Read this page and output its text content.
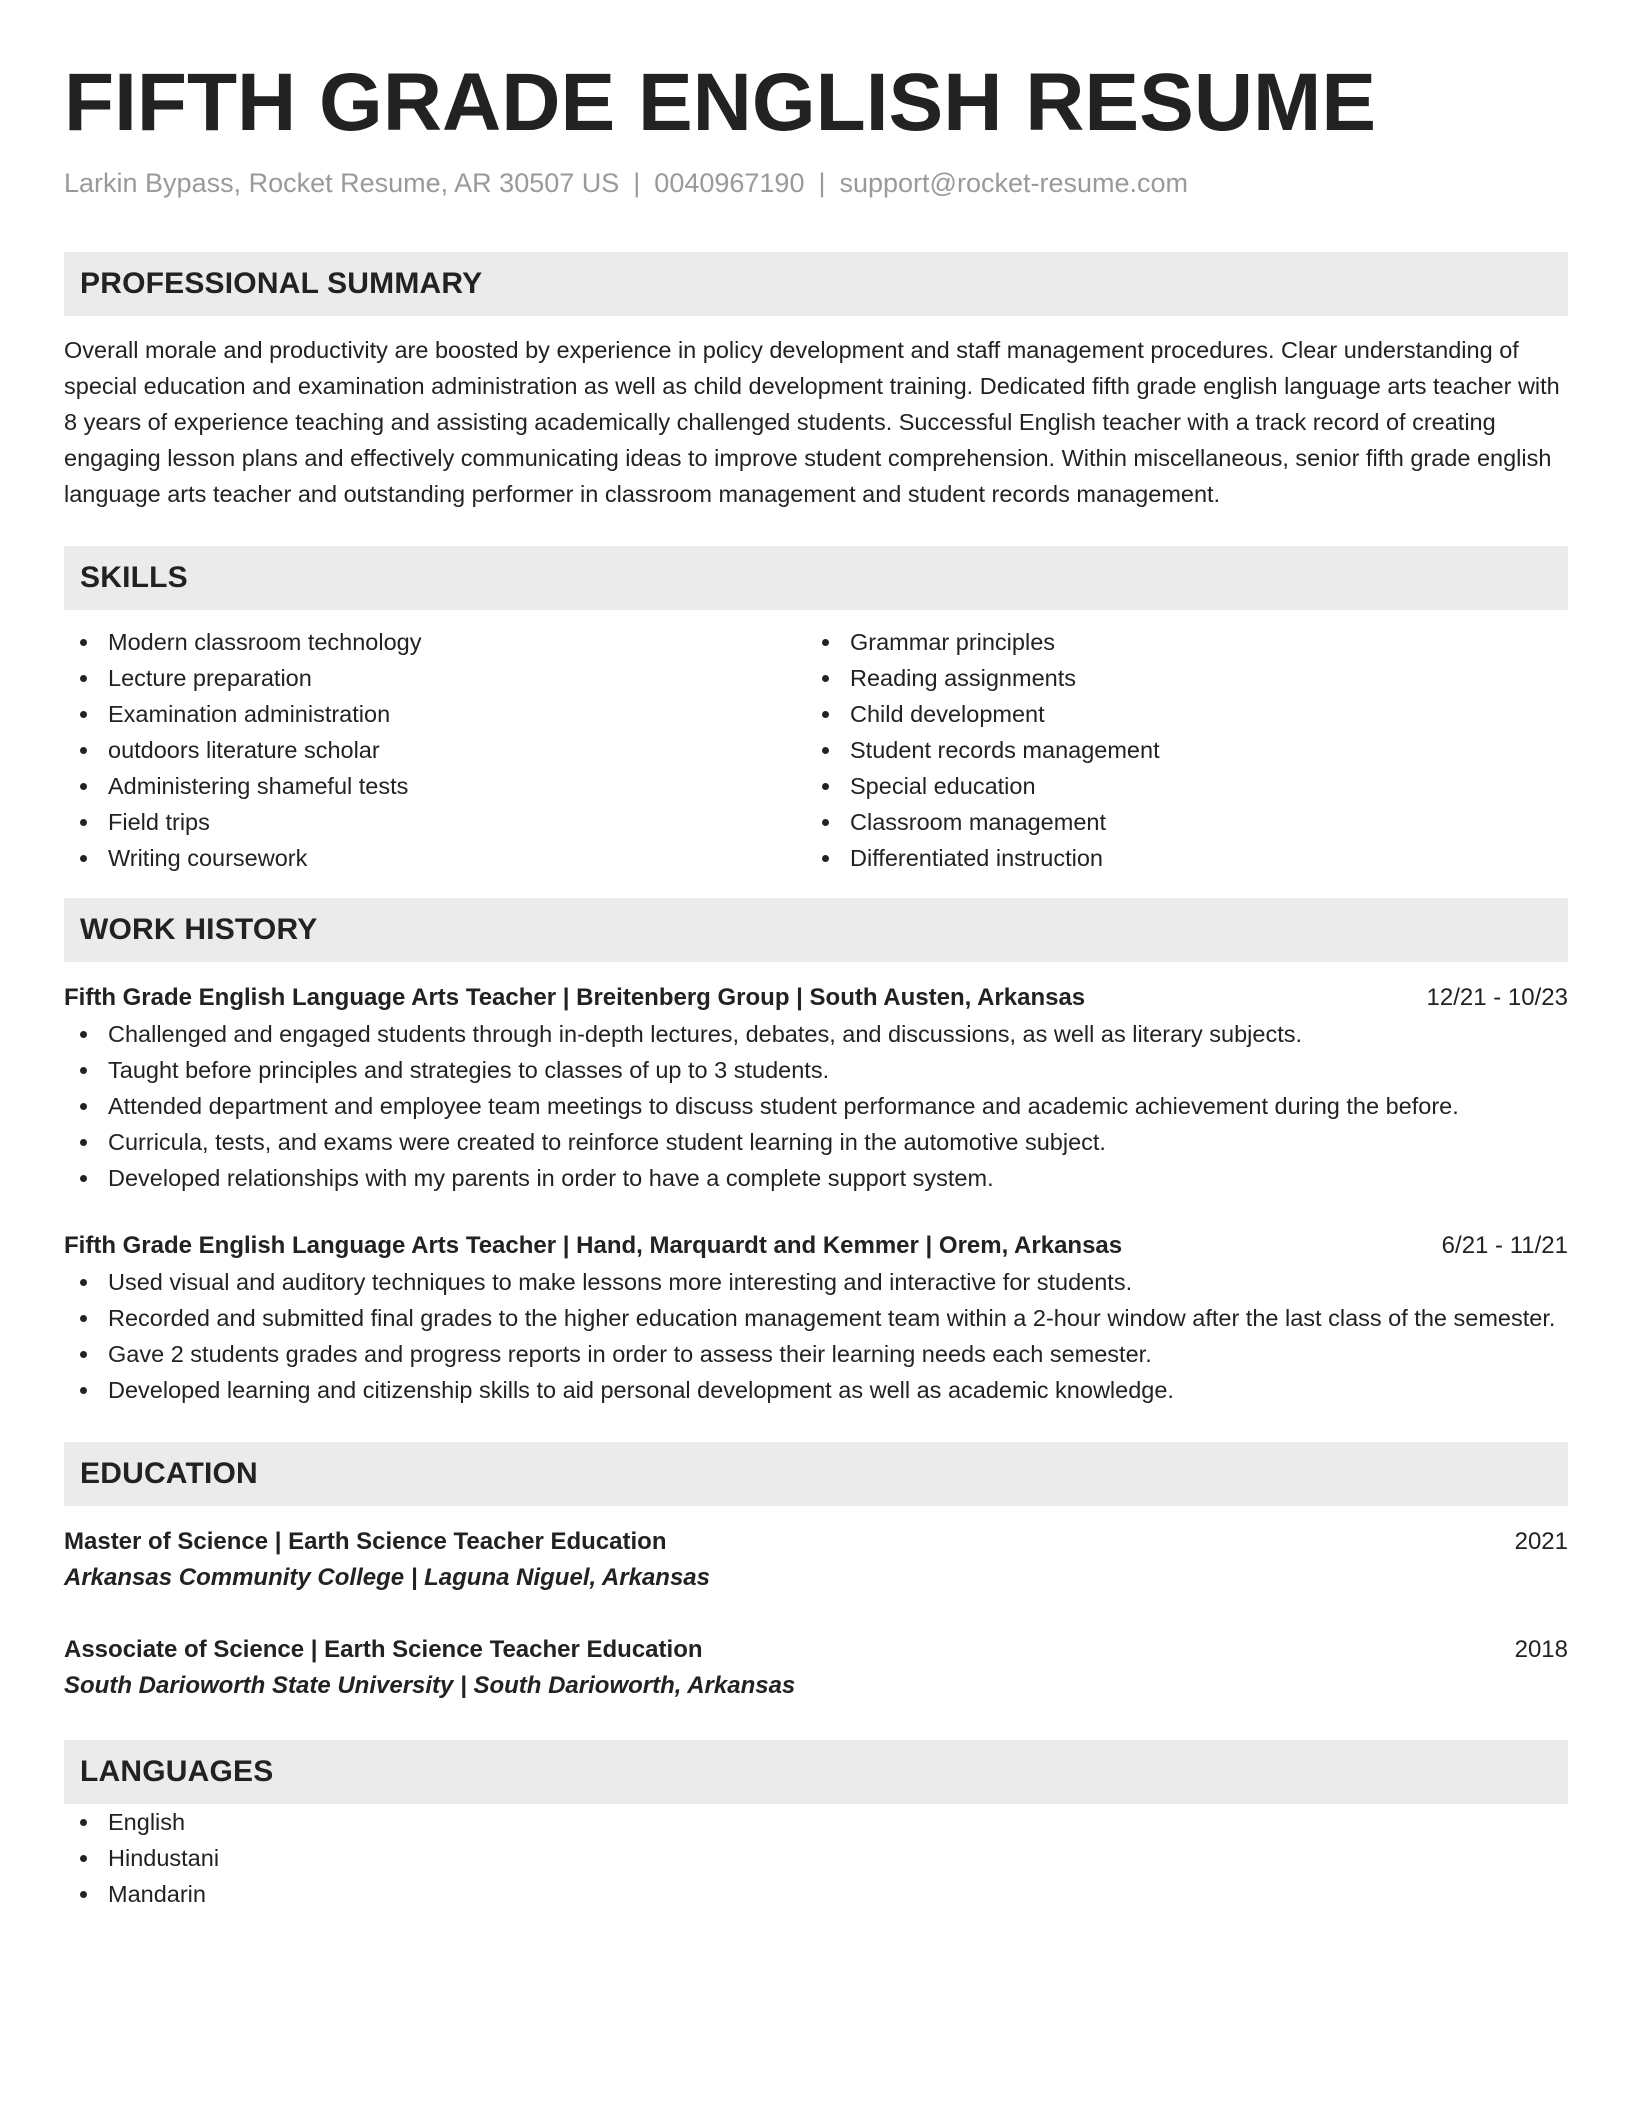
FIFTH GRADE ENGLISH RESUME
Larkin Bypass, Rocket Resume, AR 30507 US | 0040967190 | support@rocket-resume.com
PROFESSIONAL SUMMARY
Overall morale and productivity are boosted by experience in policy development and staff management procedures. Clear understanding of special education and examination administration as well as child development training. Dedicated fifth grade english language arts teacher with 8 years of experience teaching and assisting academically challenged students. Successful English teacher with a track record of creating engaging lesson plans and effectively communicating ideas to improve student comprehension. Within miscellaneous, senior fifth grade english language arts teacher and outstanding performer in classroom management and student records management.
SKILLS
Modern classroom technology
Lecture preparation
Examination administration
outdoors literature scholar
Administering shameful tests
Field trips
Writing coursework
Grammar principles
Reading assignments
Child development
Student records management
Special education
Classroom management
Differentiated instruction
WORK HISTORY
Fifth Grade English Language Arts Teacher | Breitenberg Group | South Austen, Arkansas	12/21 - 10/23
Challenged and engaged students through in-depth lectures, debates, and discussions, as well as literary subjects.
Taught before principles and strategies to classes of up to 3 students.
Attended department and employee team meetings to discuss student performance and academic achievement during the before.
Curricula, tests, and exams were created to reinforce student learning in the automotive subject.
Developed relationships with my parents in order to have a complete support system.
Fifth Grade English Language Arts Teacher | Hand, Marquardt and Kemmer | Orem, Arkansas	6/21 - 11/21
Used visual and auditory techniques to make lessons more interesting and interactive for students.
Recorded and submitted final grades to the higher education management team within a 2-hour window after the last class of the semester.
Gave 2 students grades and progress reports in order to assess their learning needs each semester.
Developed learning and citizenship skills to aid personal development as well as academic knowledge.
EDUCATION
Master of Science | Earth Science Teacher Education	2021
Arkansas Community College | Laguna Niguel, Arkansas
Associate of Science | Earth Science Teacher Education	2018
South Darioworth State University | South Darioworth, Arkansas
LANGUAGES
English
Hindustani
Mandarin
